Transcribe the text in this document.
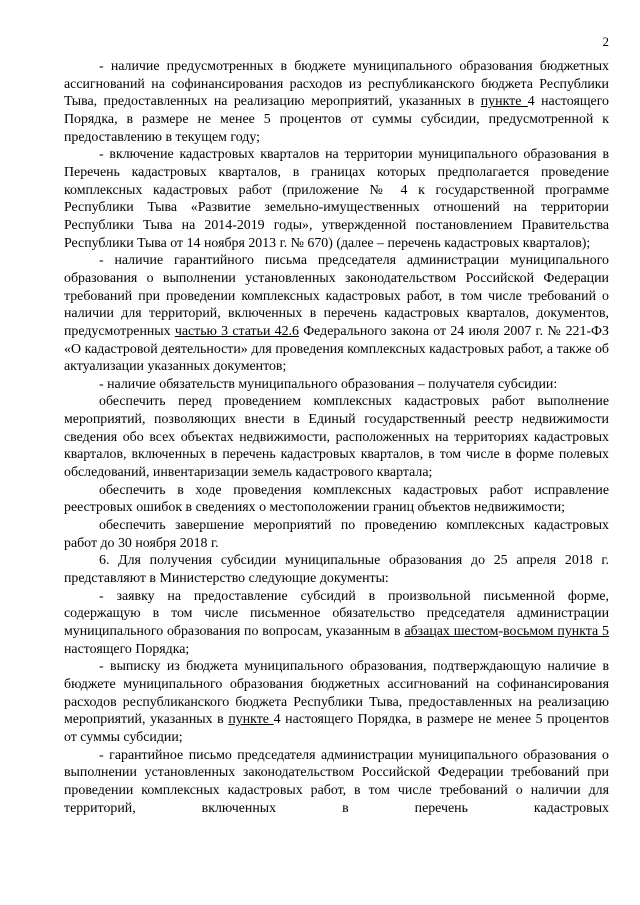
2

- наличие предусмотренных в бюджете муниципального образования бюджетных ассигнований на софинансирования расходов из республиканского бюджета Республики Тыва, предоставленных на реализацию мероприятий, указанных в пункте 4 настоящего Порядка, в размере не менее 5 процентов от суммы субсидии, предусмотренной к предоставлению в текущем году;

- включение кадастровых кварталов на территории муниципального образования в Перечень кадастровых кварталов, в границах которых предполагается проведение комплексных кадастровых работ (приложение № 4 к государственной программе Республики Тыва «Развитие земельно-имущественных отношений на территории Республики Тыва на 2014-2019 годы», утвержденной постановлением Правительства Республики Тыва от 14 ноября 2013 г. № 670) (далее – перечень кадастровых кварталов);

- наличие гарантийного письма председателя администрации муниципального образования о выполнении установленных законодательством Российской Федерации требований при проведении комплексных кадастровых работ, в том числе требований о наличии для территорий, включенных в перечень кадастровых кварталов, документов, предусмотренных частью 3 статьи 42.6 Федерального закона от 24 июля 2007 г. № 221-ФЗ «О кадастровой деятельности» для проведения комплексных кадастровых работ, а также об актуализации указанных документов;

- наличие обязательств муниципального образования – получателя субсидии:

обеспечить перед проведением комплексных кадастровых работ выполнение мероприятий, позволяющих внести в Единый государственный реестр недвижимости сведения обо всех объектах недвижимости, расположенных на территориях кадастровых кварталов, включенных в перечень кадастровых кварталов, в том числе в форме полевых обследований, инвентаризации земель кадастрового квартала;

обеспечить в ходе проведения комплексных кадастровых работ исправление реестровых ошибок в сведениях о местоположении границ объектов недвижимости;

обеспечить завершение мероприятий по проведению комплексных кадастровых работ до 30 ноября 2018 г.

6. Для получения субсидии муниципальные образования до 25 апреля 2018 г. представляют в Министерство следующие документы:

- заявку на предоставление субсидий в произвольной письменной форме, содержащую в том числе письменное обязательство председателя администрации муниципального образования по вопросам, указанным в абзацах шестом-восьмом пункта 5 настоящего Порядка;

- выписку из бюджета муниципального образования, подтверждающую наличие в бюджете муниципального образования бюджетных ассигнований на софинансирования расходов республиканского бюджета Республики Тыва, предоставленных на реализацию мероприятий, указанных в пункте 4 настоящего Порядка, в размере не менее 5 процентов от суммы субсидии;

- гарантийное письмо председателя администрации муниципального образования о выполнении установленных законодательством Российской Федерации требований при проведении комплексных кадастровых работ, в том числе требований о наличии для территорий, включенных в перечень кадастровых
